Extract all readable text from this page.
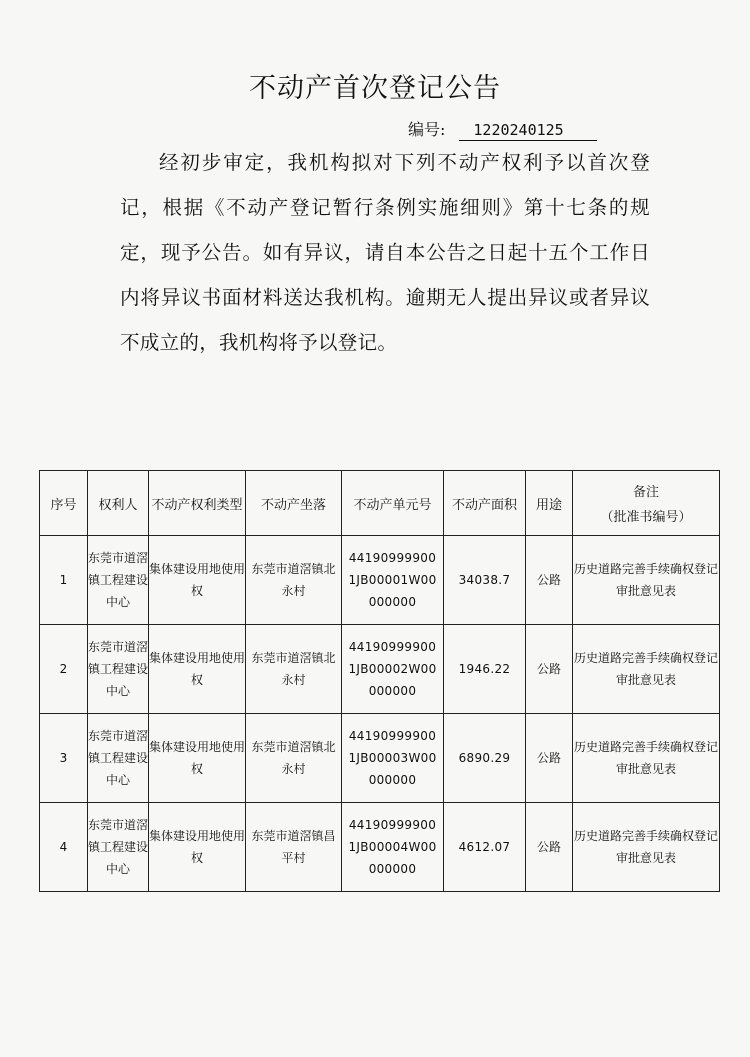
不动产首次登记公告
编号: 1220240125
经初步审定，我机构拟对下列不动产权利予以首次登记，根据《不动产登记暂行条例实施细则》第十七条的规定，现予公告。如有异议，请自本公告之日起十五个工作日内将异议书面材料送达我机构。逾期无人提出异议或者异议不成立的，我机构将予以登记。
序号	权利人	不动产权利类型	不动产坐落	不动产单元号	不动产面积	用途	备注
（批准书编号）

1	东莞市道滘镇工程建设中心	集体建设用地使用权	东莞市道滘镇北永村	441909999001JB00001W00000000	34038.7	公路	历史道路完善手续确权登记审批意见表
2	东莞市道滘镇工程建设中心	集体建设用地使用权	东莞市道滘镇北永村	441909999001JB00002W00000000	1946.22	公路	历史道路完善手续确权登记审批意见表
3	东莞市道滘镇工程建设中心	集体建设用地使用权	东莞市道滘镇北永村	441909999001JB00003W00000000	6890.29	公路	历史道路完善手续确权登记审批意见表
4	东莞市道滘镇工程建设中心	集体建设用地使用权	东莞市道滘镇昌平村	441909999001JB00004W00000000	4612.07	公路	历史道路完善手续确权登记审批意见表
